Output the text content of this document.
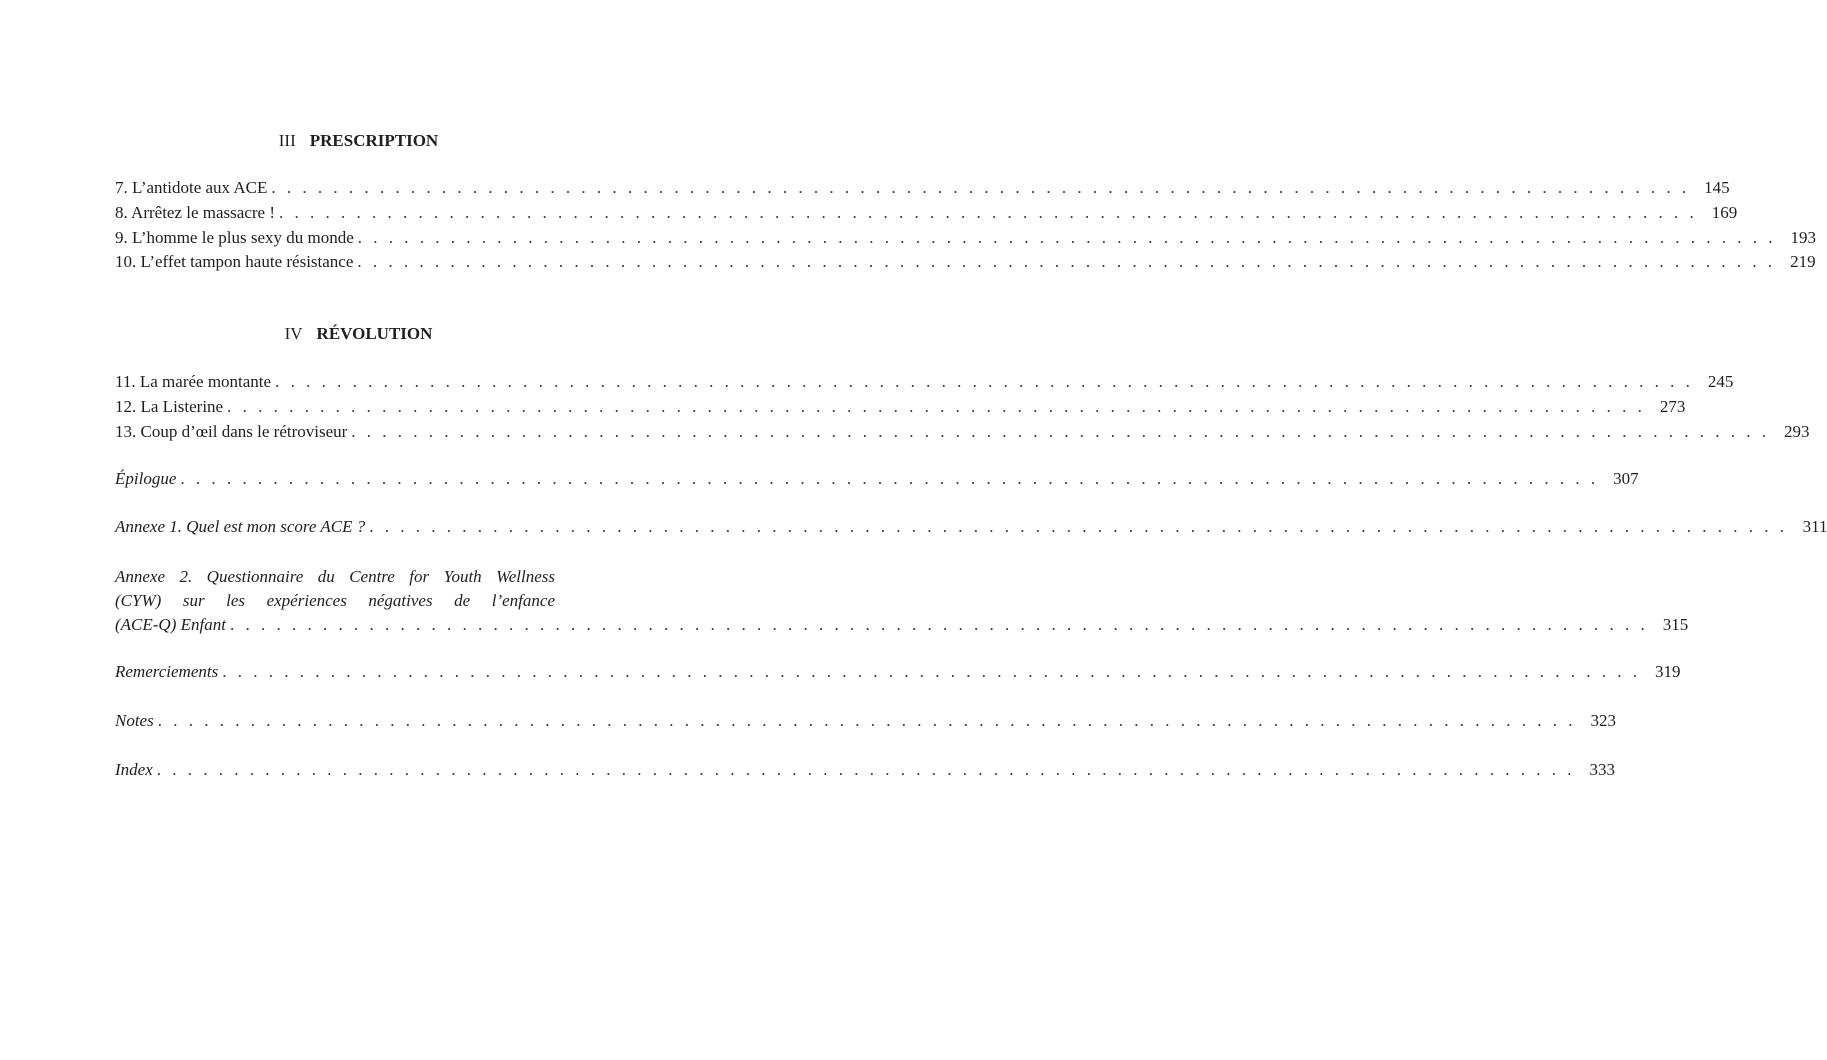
III PRESCRIPTION
7. L’antidote aux ACE . . . . . . . . . . . . . . . . . . . . . . . . . . . . . . . . . . . . . . . . . . . . . . . . . . . . . . . . . . . . . . . . . . . . . . . . . . . . . . . . . . . . . . . . . . . . 145
8. Arrêtez le massacre ! . . . . . . . . . . . . . . . . . . . . . . . . . . . . . . . . . . . . . . . . . . . . . . . . . . . . . . . . . . . . . . . . . . . . . . . . . . . . . . . . . . . . . . . . . . . . 169
9. L’homme le plus sexy du monde . . . . . . . . . . . . . . . . . . . . . . . . . . . . . . . . . . . . . . . . . . . . . . . . . . . . . . . . . . . . . . . . . . . . . . . . . . . . . . . . . . . . . . . . . . . . 193
10. L’effet tampon haute résistance . . . . . . . . . . . . . . . . . . . . . . . . . . . . . . . . . . . . . . . . . . . . . . . . . . . . . . . . . . . . . . . . . . . . . . . . . . . . . . . . . . . . . . . . . . . . 219
IV RÉVOLUTION
11. La marée montante . . . . . . . . . . . . . . . . . . . . . . . . . . . . . . . . . . . . . . . . . . . . . . . . . . . . . . . . . . . . . . . . . . . . . . . . . . . . . . . . . . . . . . . . . . . . 245
12. La Listerine . . . . . . . . . . . . . . . . . . . . . . . . . . . . . . . . . . . . . . . . . . . . . . . . . . . . . . . . . . . . . . . . . . . . . . . . . . . . . . . . . . . . . . . . . . . . 273
13. Coup d’œil dans le rétroviseur . . . . . . . . . . . . . . . . . . . . . . . . . . . . . . . . . . . . . . . . . . . . . . . . . . . . . . . . . . . . . . . . . . . . . . . . . . . . . . . . . . . . . . . . . . . . 293
Épilogue . . . . . . . . . . . . . . . . . . . . . . . . . . . . . . . . . . . . . . . . . . . . . . . . . . . . . . . . . . . . . . . . . . . . . . . . . . . . . . . . . . . . . . . . . . . . 307
Annexe 1. Quel est mon score ACE ? . . . . . . . . . . . . . . . . . . . . . . . . . . . . . . . . . . . . . . . . . . . . . . . . . . . . . . . . . . . . . . . . . . . . . . . . . . . . . . . . . . . . . . . . . . . . 311
Annexe 2. Questionnaire du Centre for Youth Wellness
(CYW) sur les expériences négatives de l’enfance
(ACE-Q) Enfant . . . . . . . . . . . . . . . . . . . . . . . . . . . . . . . . . . . . . . . . . . . . . . . . . . . . . . . . . . . . . . . . . . . . . . . . . . . . . . . . . . . . . . . . . . . . 315
Remerciements . . . . . . . . . . . . . . . . . . . . . . . . . . . . . . . . . . . . . . . . . . . . . . . . . . . . . . . . . . . . . . . . . . . . . . . . . . . . . . . . . . . . . . . . . . . . 319
Notes . . . . . . . . . . . . . . . . . . . . . . . . . . . . . . . . . . . . . . . . . . . . . . . . . . . . . . . . . . . . . . . . . . . . . . . . . . . . . . . . . . . . . . . . . . . . 323
Index . . . . . . . . . . . . . . . . . . . . . . . . . . . . . . . . . . . . . . . . . . . . . . . . . . . . . . . . . . . . . . . . . . . . . . . . . . . . . . . . . . . . . . . . . . . . 333
